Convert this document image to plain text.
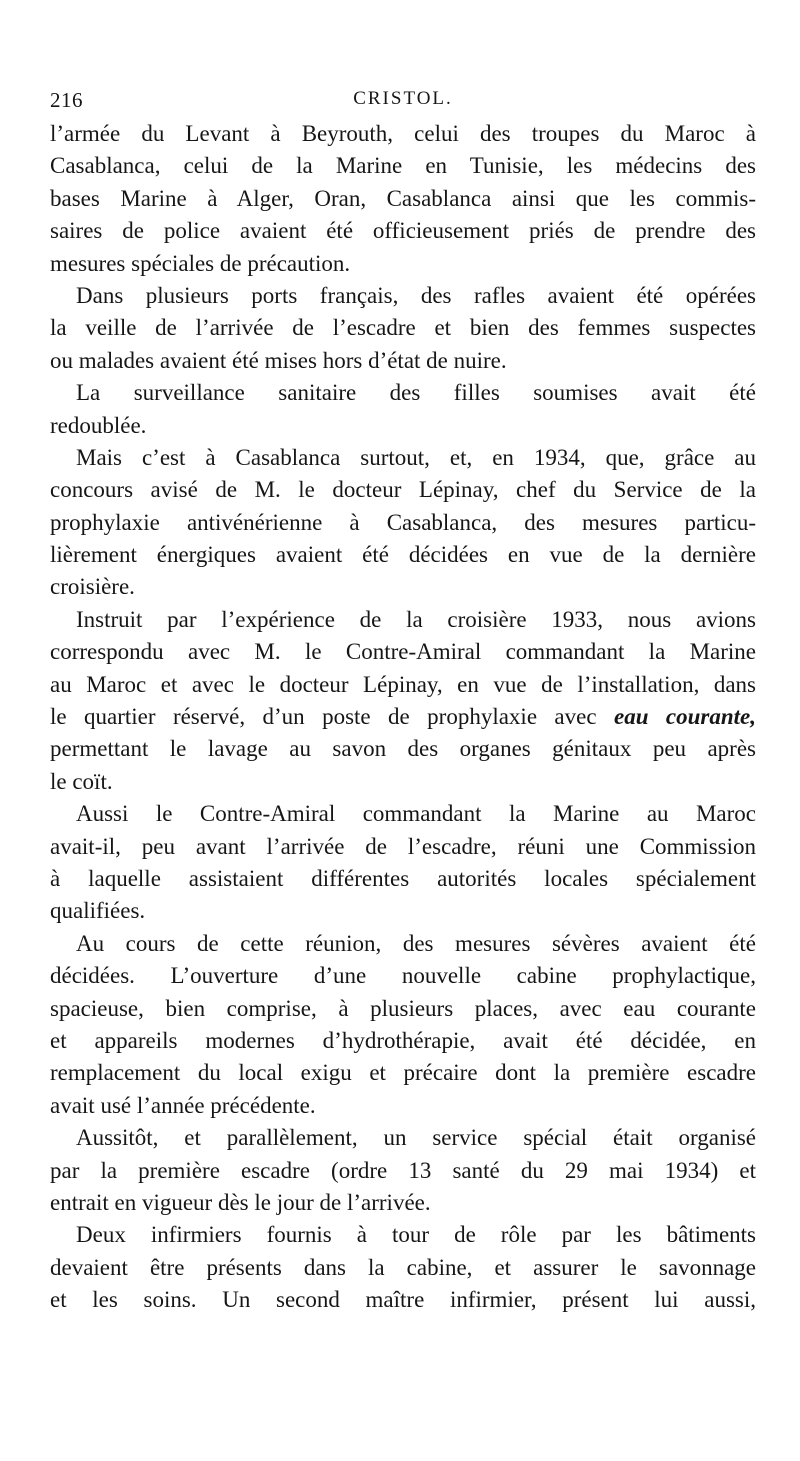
216	CRISTOL.
l’armée du Levant à Beyrouth, celui des troupes du Maroc à
Casablanca, celui de la Marine en Tunisie, les médecins des
bases Marine à Alger, Oran, Casablanca ainsi que les commis-
saires de police avaient été officieusement priés de prendre des
mesures spéciales de précaution.
Dans plusieurs ports français, des rafles avaient été opérées
la veille de l’arrivée de l’escadre et bien des femmes suspectes
ou malades avaient été mises hors d’état de nuire.
La surveillance sanitaire des filles soumises avait été
redoublée.
Mais c’est à Casablanca surtout, et, en 1934, que, grâce au
concours avisé de M. le docteur Lépinay, chef du Service de la
prophylaxie antivénérienne à Casablanca, des mesures particu-
lièrement énergiques avaient été décidées en vue de la dernière
croisière.
Instruit par l’expérience de la croisière 1933, nous avions
correspondu avec M. le Contre-Amiral commandant la Marine
au Maroc et avec le docteur Lépinay, en vue de l’installation, dans
le quartier réservé, d’un poste de prophylaxie avec eau courante,
permettant le lavage au savon des organes génitaux peu après
le coït.
Aussi le Contre-Amiral commandant la Marine au Maroc
avait-il, peu avant l’arrivée de l’escadre, réuni une Commission
à laquelle assistaient différentes autorités locales spécialement
qualifiées.
Au cours de cette réunion, des mesures sévères avaient été
décidées. L’ouverture d’une nouvelle cabine prophylactique,
spacieuse, bien comprise, à plusieurs places, avec eau courante
et appareils modernes d’hydrothérapie, avait été décidée, en
remplacement du local exigu et précaire dont la première escadre
avait usé l’année précédente.
Aussitôt, et parallèlement, un service spécial était organisé
par la première escadre (ordre 13 santé du 29 mai 1934) et
entrait en vigueur dès le jour de l’arrivée.
Deux infirmiers fournis à tour de rôle par les bâtiments
devaient être présents dans la cabine, et assurer le savonnage
et les soins. Un second maître infirmier, présent lui aussi,
